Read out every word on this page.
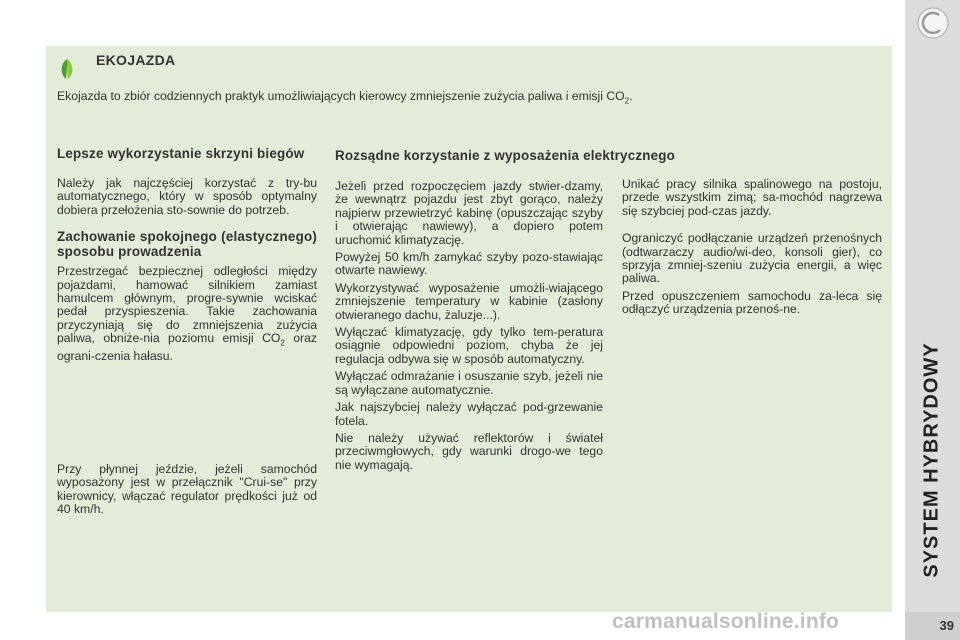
EKOJAZDA
Ekojazda to zbiór codziennych praktyk umożliwiających kierowcy zmniejszenie zużycia paliwa i emisji $CO_2$.
Lepsze wykorzystanie skrzyni biegów

Należy jak najczęściej korzystać z try-bu automatycznego, który w sposób optymalny dobiera przełożenia sto-sownie do potrzeb.

Zachowanie spokojnego (elastycznego) sposobu prowadzenia

Przestrzegać bezpiecznej odległości między pojazdami, hamować silnikiem zamiast hamulcem głównym, progre-sywnie wciskać pedał przyspieszenia. Takie zachowania przyczyniają się do zmniejszenia zużycia paliwa, obniże-nia poziomu emisji $CO_2$ oraz ograni-czenia hałasu.

Przy płynnej jeździe, jeżeli samochód wyposażony jest w przełącznik "Crui-se" przy kierownicy, włączać regulator prędkości już od 40 km/h.

Rozsądne korzystanie z wyposażenia elektrycznego

Jeżeli przed rozpoczęciem jazdy stwier-dzamy, że wewnątrz pojazdu jest zbyt gorąco, należy najpierw przewietrzyć kabinę (opuszczając szyby i otwierając nawiewy), a dopiero potem uruchomić klimatyzację.

Powyżej 50 km/h zamykać szyby pozo-stawiając otwarte nawiewy.

Wykorzystywać wyposażenie umożli-wiającego zmniejszenie temperatury w kabinie (zasłony otwieranego dachu, żaluzje...).

Wyłączać klimatyzację, gdy tylko tem-peratura osiągnie odpowiedni poziom, chyba że jej regulacja odbywa się w sposób automatyczny.

Wyłączać odmrażanie i osuszanie szyb, jeżeli nie są wyłączane automatycznie.

Jak najszybciej należy wyłączać pod-grzewanie fotela.

Nie należy używać reflektorów i świateł przeciwmgłowych, gdy warunki drogo-we tego nie wymagają.

Unikać pracy silnika spalinowego na postoju, przede wszystkim zimą; sa-mochód nagrzewa się szybciej pod-czas jazdy.

Ograniczyć podłączanie urządzeń przenośnych (odtwarzaczy audio/wi-deo, konsoli gier), co sprzyja zmniej-szeniu zużycia energii, a więc paliwa.

Przed opuszczeniem samochodu za-leca się odłączyć urządzenia przenoś-ne.

SYSTEM HYBRYDOWY
39
carmanualsonline.info
